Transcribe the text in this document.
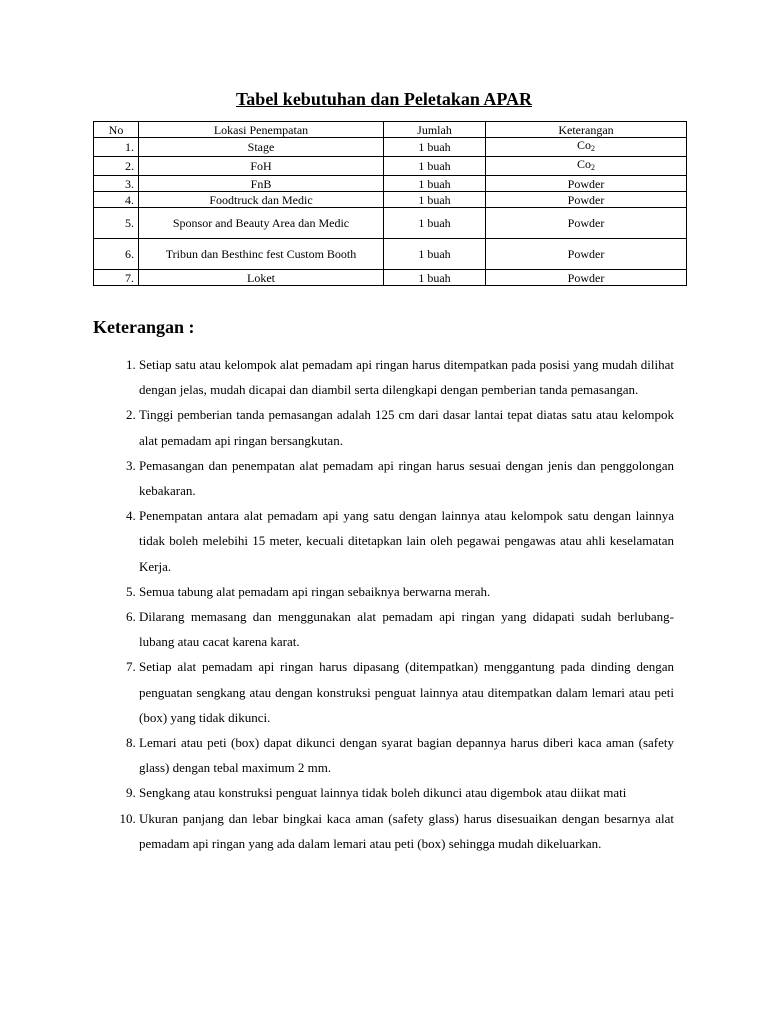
Tabel kebutuhan dan Peletakan APAR
No	Lokasi Penempatan	Jumlah	Keterangan
1.	Stage	1 buah	$Co_2$
2.	FoH	1 buah	$Co_2$
3.	FnB	1 buah	Powder
4.	Foodtruck dan Medic	1 buah	Powder
5.	Sponsor and Beauty Area dan Medic	1 buah	Powder
6.	Tribun dan Besthinc fest Custom Booth	1 buah	Powder
7.	Loket	1 buah	Powder
Keterangan :
1. Setiap satu atau kelompok alat pemadam api ringan harus ditempatkan pada posisi yang mudah dilihat dengan jelas, mudah dicapai dan diambil serta dilengkapi dengan pemberian tanda pemasangan.
2. Tinggi pemberian tanda pemasangan adalah 125 cm dari dasar lantai tepat diatas satu atau kelompok alat pemadam api ringan bersangkutan.
3. Pemasangan dan penempatan alat pemadam api ringan harus sesuai dengan jenis dan penggolongan kebakaran.
4. Penempatan antara alat pemadam api yang satu dengan lainnya atau kelompok satu dengan lainnya tidak boleh melebihi 15 meter, kecuali ditetapkan lain oleh pegawai pengawas atau ahli keselamatan Kerja.
5. Semua tabung alat pemadam api ringan sebaiknya berwarna merah.
6. Dilarang memasang dan menggunakan alat pemadam api ringan yang didapati sudah berlubang-lubang atau cacat karena karat.
7. Setiap alat pemadam api ringan harus dipasang (ditempatkan) menggantung pada dinding dengan penguatan sengkang atau dengan konstruksi penguat lainnya atau ditempatkan dalam lemari atau peti (box) yang tidak dikunci.
8. Lemari atau peti (box) dapat dikunci dengan syarat bagian depannya harus diberi kaca aman (safety glass) dengan tebal maximum 2 mm.
9. Sengkang atau konstruksi penguat lainnya tidak boleh dikunci atau digembok atau diikat mati
10. Ukuran panjang dan lebar bingkai kaca aman (safety glass) harus disesuaikan dengan besarnya alat pemadam api ringan yang ada dalam lemari atau peti (box) sehingga mudah dikeluarkan.
